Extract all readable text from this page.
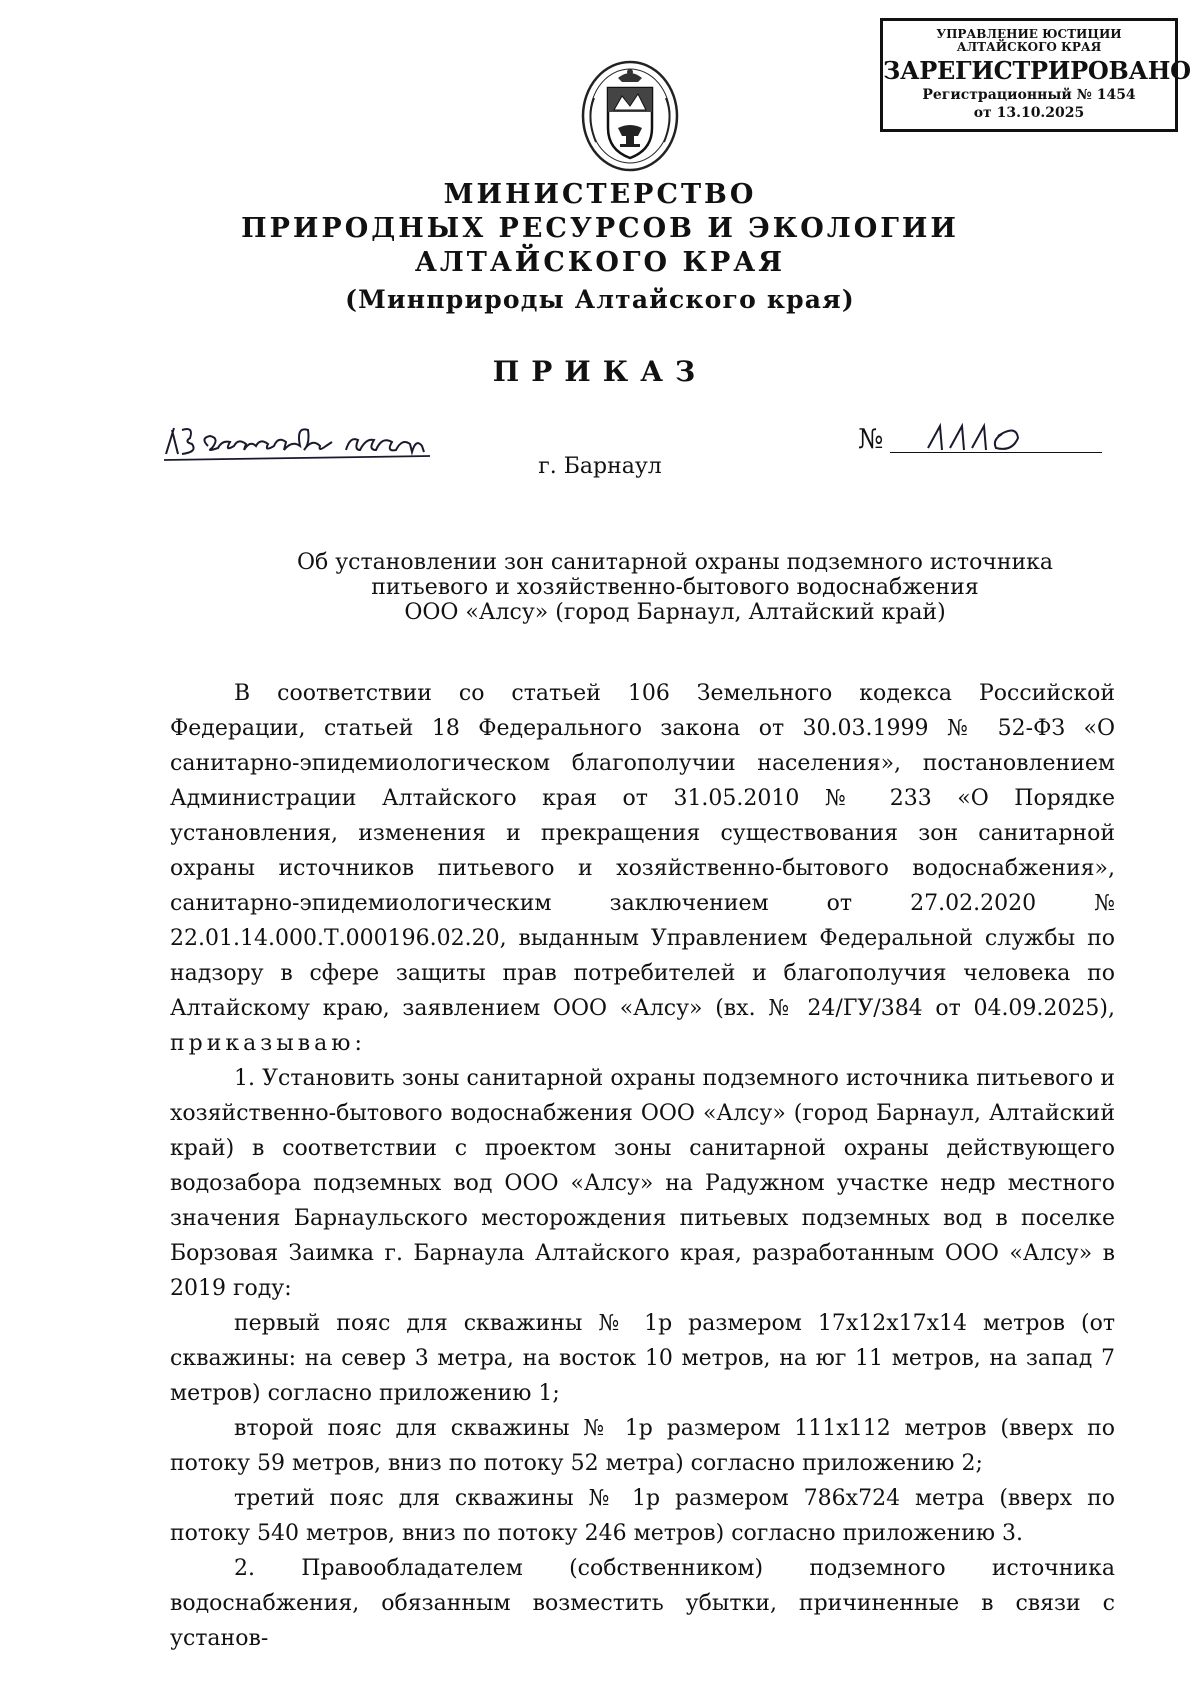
УПРАВЛЕНИЕ ЮСТИЦИИ
АЛТАЙСКОГО КРАЯ
ЗАРЕГИСТРИРОВАНО
Регистрационный № 1454
от 13.10.2025
МИНИСТЕРСТВО
ПРИРОДНЫХ РЕСУРСОВ И ЭКОЛОГИИ
АЛТАЙСКОГО КРАЯ
(Минприроды Алтайского края)
ПРИКАЗ
№
г. Барнаул
Об установлении зон санитарной охраны подземного источника
питьевого и хозяйственно-бытового водоснабжения
ООО «Алсу» (город Барнаул, Алтайский край)

В соответствии со статьей 106 Земельного кодекса Российской Федерации, статьей 18 Федерального закона от 30.03.1999 № 52-ФЗ «О санитарно-эпидемиологическом благополучии населения», постановлением Администрации Алтайского края от 31.05.2010 № 233 «О Порядке установления, изменения и прекращения существования зон санитарной охраны источников питьевого и хозяйственно-бытового водоснабжения», санитарно-эпидемиологическим заключением от 27.02.2020 № 22.01.14.000.Т.000196.02.20, выданным Управлением Федеральной службы по надзору в сфере защиты прав потребителей и благополучия человека по Алтайскому краю, заявлением ООО «Алсу» (вх. № 24/ГУ/384 от 04.09.2025), приказываю:

1. Установить зоны санитарной охраны подземного источника питьевого и хозяйственно-бытового водоснабжения ООО «Алсу» (город Барнаул, Алтайский край) в соответствии с проектом зоны санитарной охраны действующего водозабора подземных вод ООО «Алсу» на Радужном участке недр местного значения Барнаульского месторождения питьевых подземных вод в поселке Борзовая Заимка г. Барнаула Алтайского края, разработанным ООО «Алсу» в 2019 году:

первый пояс для скважины № 1р размером 17x12x17x14 метров (от скважины: на север 3 метра, на восток 10 метров, на юг 11 метров, на запад 7 метров) согласно приложению 1;

второй пояс для скважины № 1р размером 111x112 метров (вверх по потоку 59 метров, вниз по потоку 52 метра) согласно приложению 2;

третий пояс для скважины № 1р размером 786x724 метра (вверх по потоку 540 метров, вниз по потоку 246 метров) согласно приложению 3.

2. Правообладателем (собственником) подземного источника водоснабжения, обязанным возместить убытки, причиненные в связи с установ-
